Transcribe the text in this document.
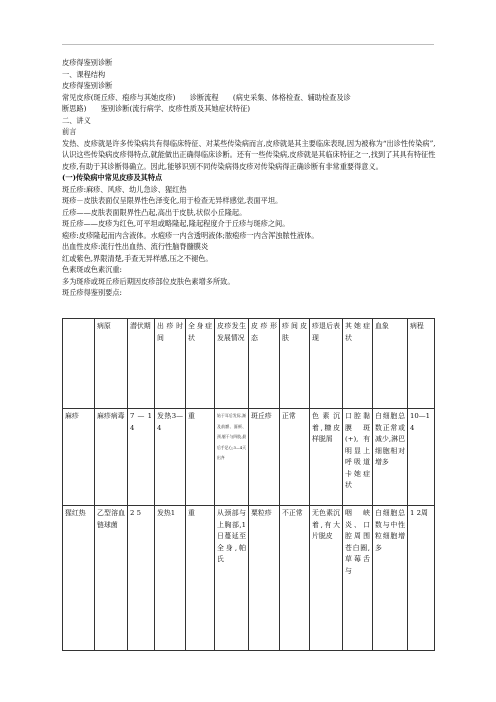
皮疹得鉴别诊断

一、课程结构

皮疹得鉴别诊断

常见皮疹(斑丘疹、疱疹与其她皮疹)　　诊断流程　　(病史采集、体格检查、辅助检查及诊

断思路)　　鉴别诊断(流行病学、皮疹性质及其她症状特征)

二、讲义

前言

发热、皮疹就是许多传染病共有得临床特征、对某些传染病而言,皮疹就是其主要临床表现,因为被称为“出诊性传染病”,认识这些传染病皮疹得特点,就能做出正确得临床诊断。还有一些传染病,皮疹就是其临床特征之一,找到了其具有特征性皮疹,有助于其诊断得确立。因此,能够识别不同传染病得皮疹对传染病得正确诊断有非常重要得意义。

(一)传染病中常见皮疹及其特点

斑丘疹:麻疹、风疹、幼儿急诊、猩红热

斑疹－皮肤表面仅呈限界性色泽变化,用于检查无异样感觉,表面平坦。

丘疹——皮肤表面限界性凸起,高出于皮肤,状似小丘隆起。

斑丘疹——皮疹为红色,可平坦或略隆起,隆起程度介于丘疹与斑疹之间。

疱疹:皮疹隆起而内含液体。水疱疹一内含透明液体;脓疱疹一内含浑浊脓性液体。

出血性皮疹:流行性出血热、流行性脑脊髓膜炎

红或紫色,界限清楚,手查无异样感,压之不褪色。

色素斑或色素沉重:

多为斑疹或斑丘疹后期因皮疹部位皮肤色素增多所致。

斑丘疹得鉴别要点:

	病原	潜伏期	出疹时间	全身症状	皮疹发生发展情况	皮疹形态	疹间皮肤	疹退后表现	其她症状	血象	病程
麻疹	麻疹病毒	7 — 14	发热3—4	重	始于耳后发际,渐及前额、面颊、颈,躯干与四肢,最后手足心;3—4天出齐	斑丘疹	正常	色素沉着,糠皮样脱屑	口腔黏膜斑(+),有明显上呼吸道卡她症状	白细胞总数正常或减少,淋巴细胞相对增多	10—14
猩红热	乙型溶血链球菌	2 5	发热1	重	从颈部与上胸部,1日蔓延至全身,帕氏	粟粒疹	不正常	无色素沉着,有大片脱皮	咽峡炎、口腔周围苍白圈,草莓舌与	白细胞总数与中性粒细胞增多	1 2周
